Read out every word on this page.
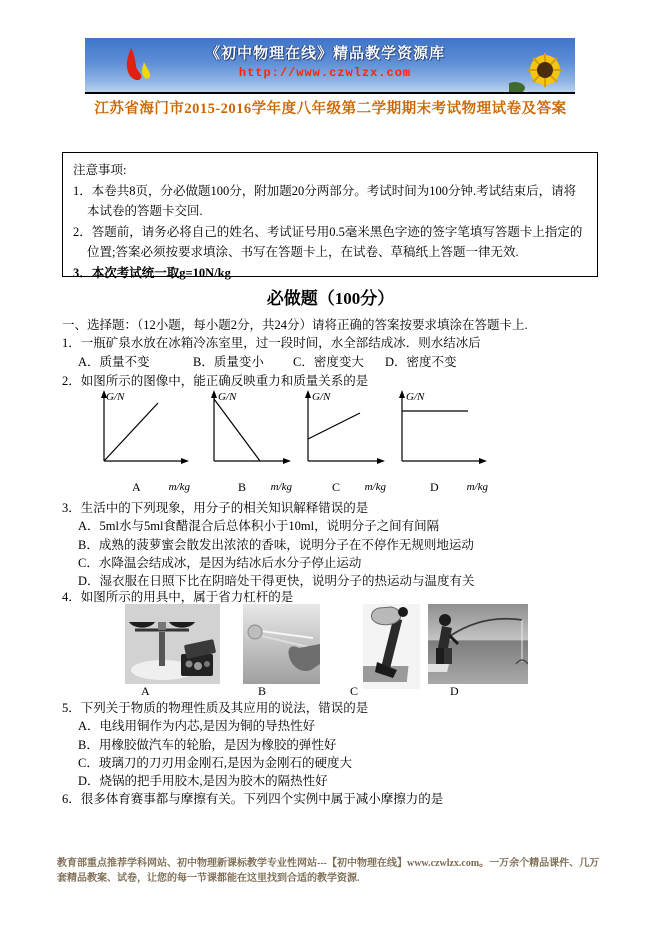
《初中物理在线》精品教学资源库
http://www.czwlzx.com
江苏省海门市2015-2016学年度八年级第二学期期末考试物理试卷及答案

注意事项:

1．本卷共8页，分必做题100分，附加题20分两部分。考试时间为100分钟.考试结束后，请将本试卷的答题卡交回.

2．答题前，请务必将自己的姓名、考试证号用0.5毫米黑色字迹的签字笔填写答题卡上指定的位置;答案必须按要求填涂、书写在答题卡上，在试卷、草稿纸上答题一律无效.

3．本次考试统一取g=10N/kg

必做题（100分）
一、选择题：（12小题，每小题2分，共24分）请将正确的答案按要求填涂在答题卡上.
1．一瓶矿泉水放在冰箱冷冻室里，过一段时间，水全部结成冰．则水结冰后
A．质量不变	B．质量变小 C．密度变大 D．密度不变
2．如图所示的图像中，能正确反映重力和质量关系的是
G/N
A	m/kg
G/N
B m/kg
G/N
C m/kg
G/N
D	m/kg

3．生活中的下列现象，用分子的相关知识解释错误的是

A．5ml水与5ml食醋混合后总体积小于10ml，说明分子之间有间隔

B．成熟的菠萝蜜会散发出浓浓的香味，说明分子在不停作无规则地运动

C．水降温会结成冰，是因为结冰后水分子停止运动

D．湿衣服在日照下比在阴暗处干得更快，说明分子的热运动与温度有关

4．如图所示的用具中，属于省力杠杆的是
A	B	C	D

5．下列关于物质的物理性质及其应用的说法，错误的是

A．电线用铜作为内芯,是因为铜的导热性好

B．用橡胶做汽车的轮胎，是因为橡胶的弹性好

C．玻璃刀的刀刃用金刚石,是因为金刚石的硬度大

D．烧锅的把手用胶木,是因为胶木的隔热性好

6．很多体育赛事都与摩擦有关。下列四个实例中属于减小摩擦力的是
教育部重点推荐学科网站、初中物理新课标教学专业性网站---【初中物理在线】www.czwlzx.com。一万余个精品课件、几万套精品教案、试卷，让您的每一节课都能在这里找到合适的教学资源.
